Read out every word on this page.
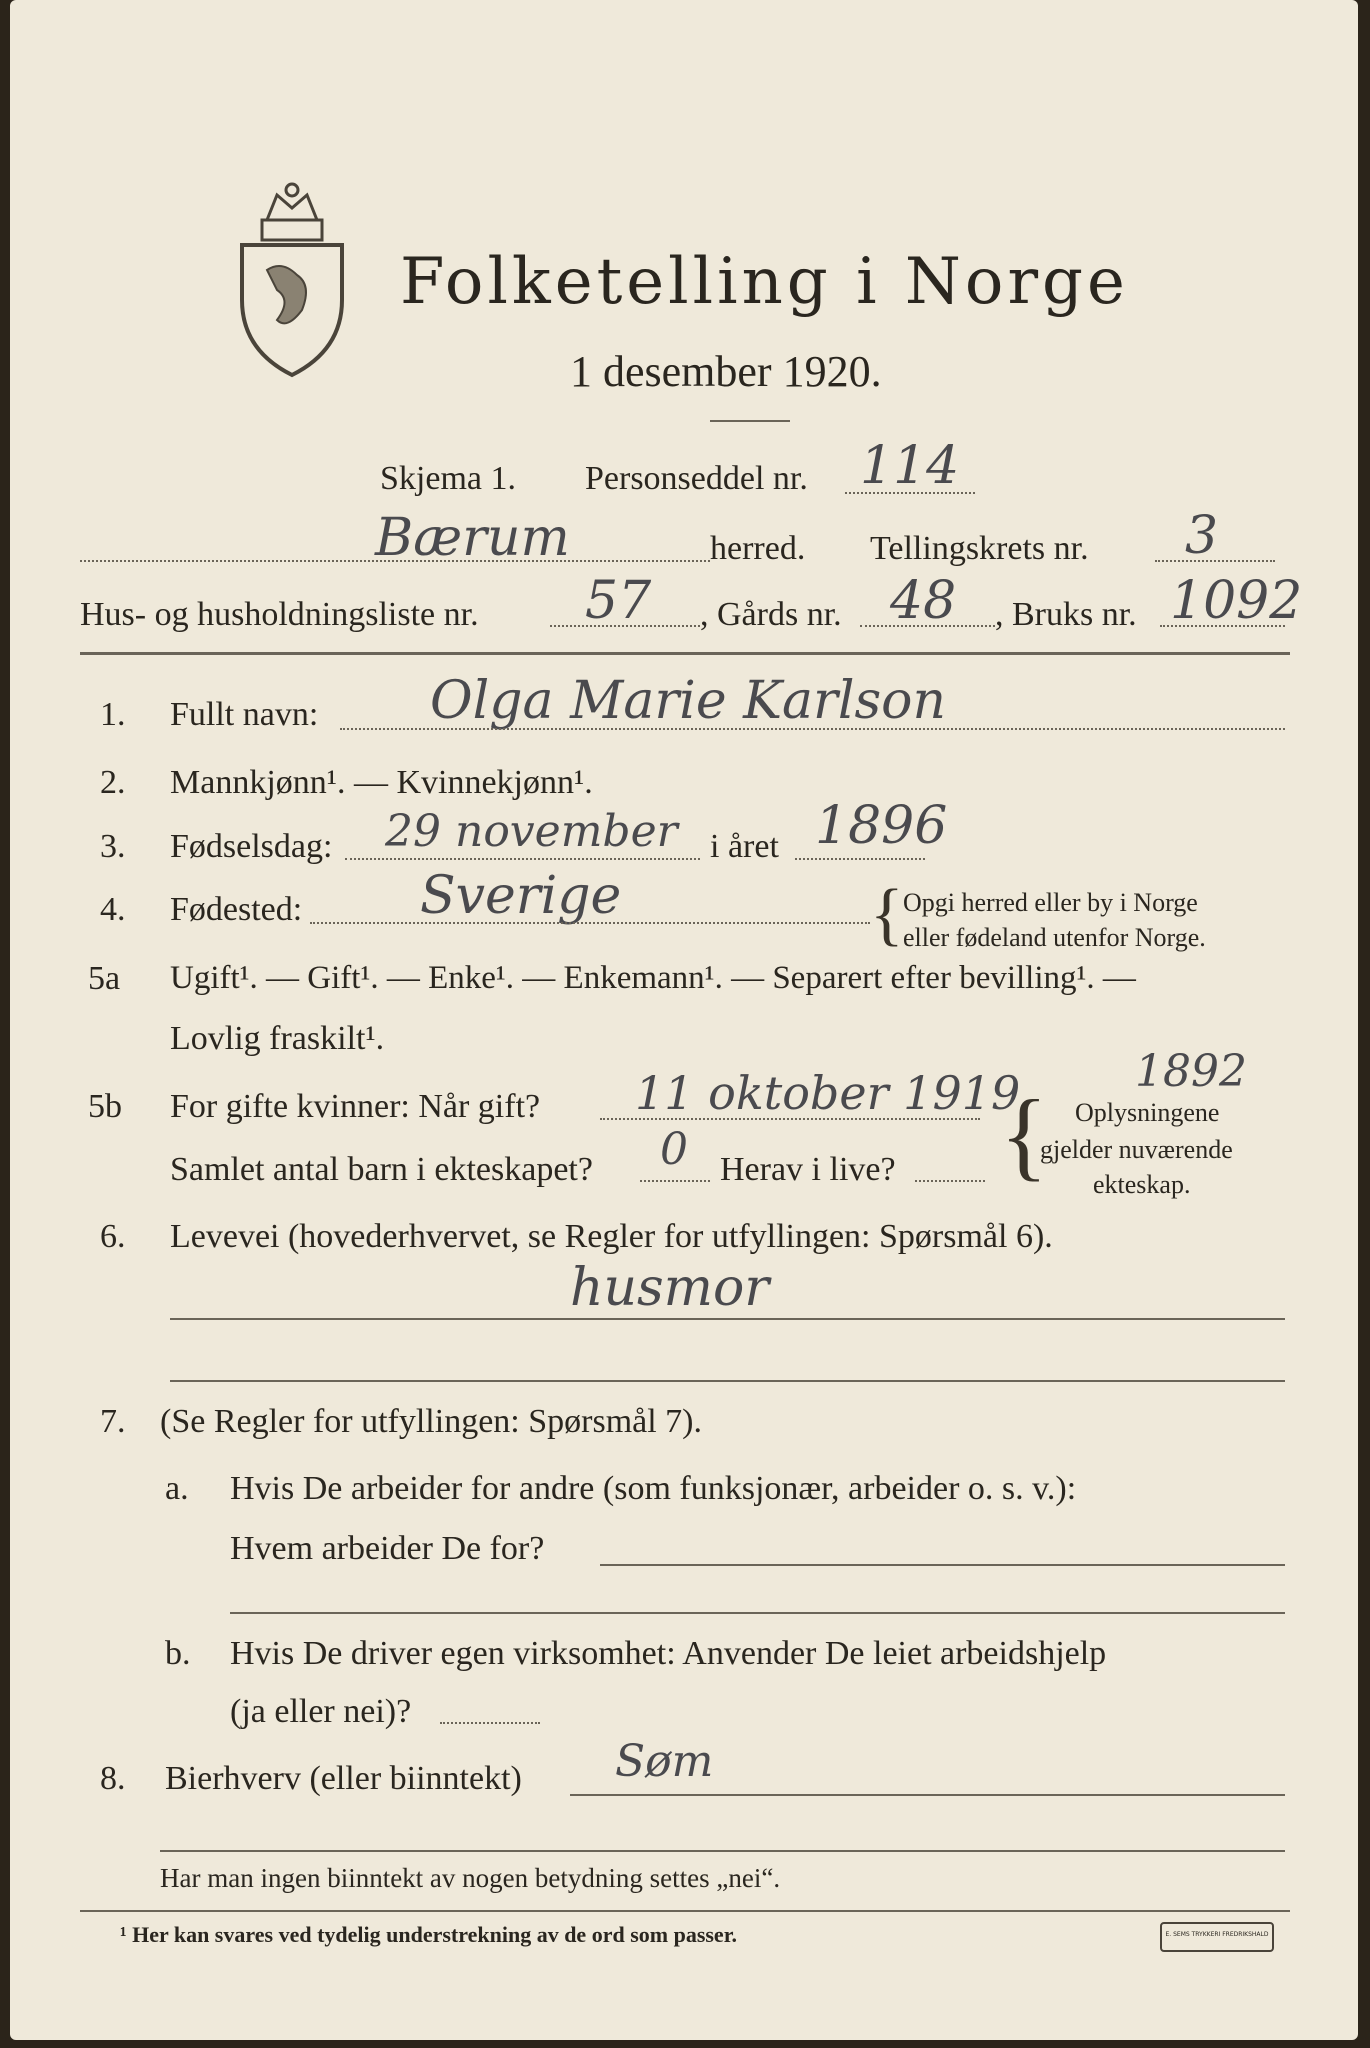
Folketelling i Norge
1 desember 1920.
Skjema 1. Personseddel nr. 114
Bærum	herred. Tellingskrets nr. 3
Hus- og husholdningsliste nr. 57 , Gårds nr. 48 , Bruks nr. 1092
1. Fullt navn: Olga Marie Karlson
2. Mannkjønn¹. — Kvinnekjønn¹.
3. Fødselsdag: 29 november i året 1896
4. Fødested: Sverige	{ Opgi herred eller by i Norge
eller fødeland utenfor Norge.
5a Ugift¹. — Gift¹. — Enke¹. — Enkemann¹. — Separert efter bevilling¹. —
Lovlig fraskilt¹.
5b For gifte kvinner: Når gift? 11 oktober 1919	1892
Samlet antal barn i ekteskapet? 0 Herav i live? { Oplysningene
gjelder nuværende
ekteskap.
6. Levevei (hovederhvervet, se Regler for utfyllingen: Spørsmål 6).
husmor
7. (Se Regler for utfyllingen: Spørsmål 7).
a. Hvis De arbeider for andre (som funksjonær, arbeider o. s. v.):
Hvem arbeider De for?
b. Hvis De driver egen virksomhet: Anvender De leiet arbeidshjelp
(ja eller nei)?
8. Bierhverv (eller biinntekt) Søm
Har man ingen biinntekt av nogen betydning settes „nei“.
¹ Her kan svares ved tydelig understrekning av de ord som passer.	E. SEMS TRYKKERI FREDRIKSHALD
